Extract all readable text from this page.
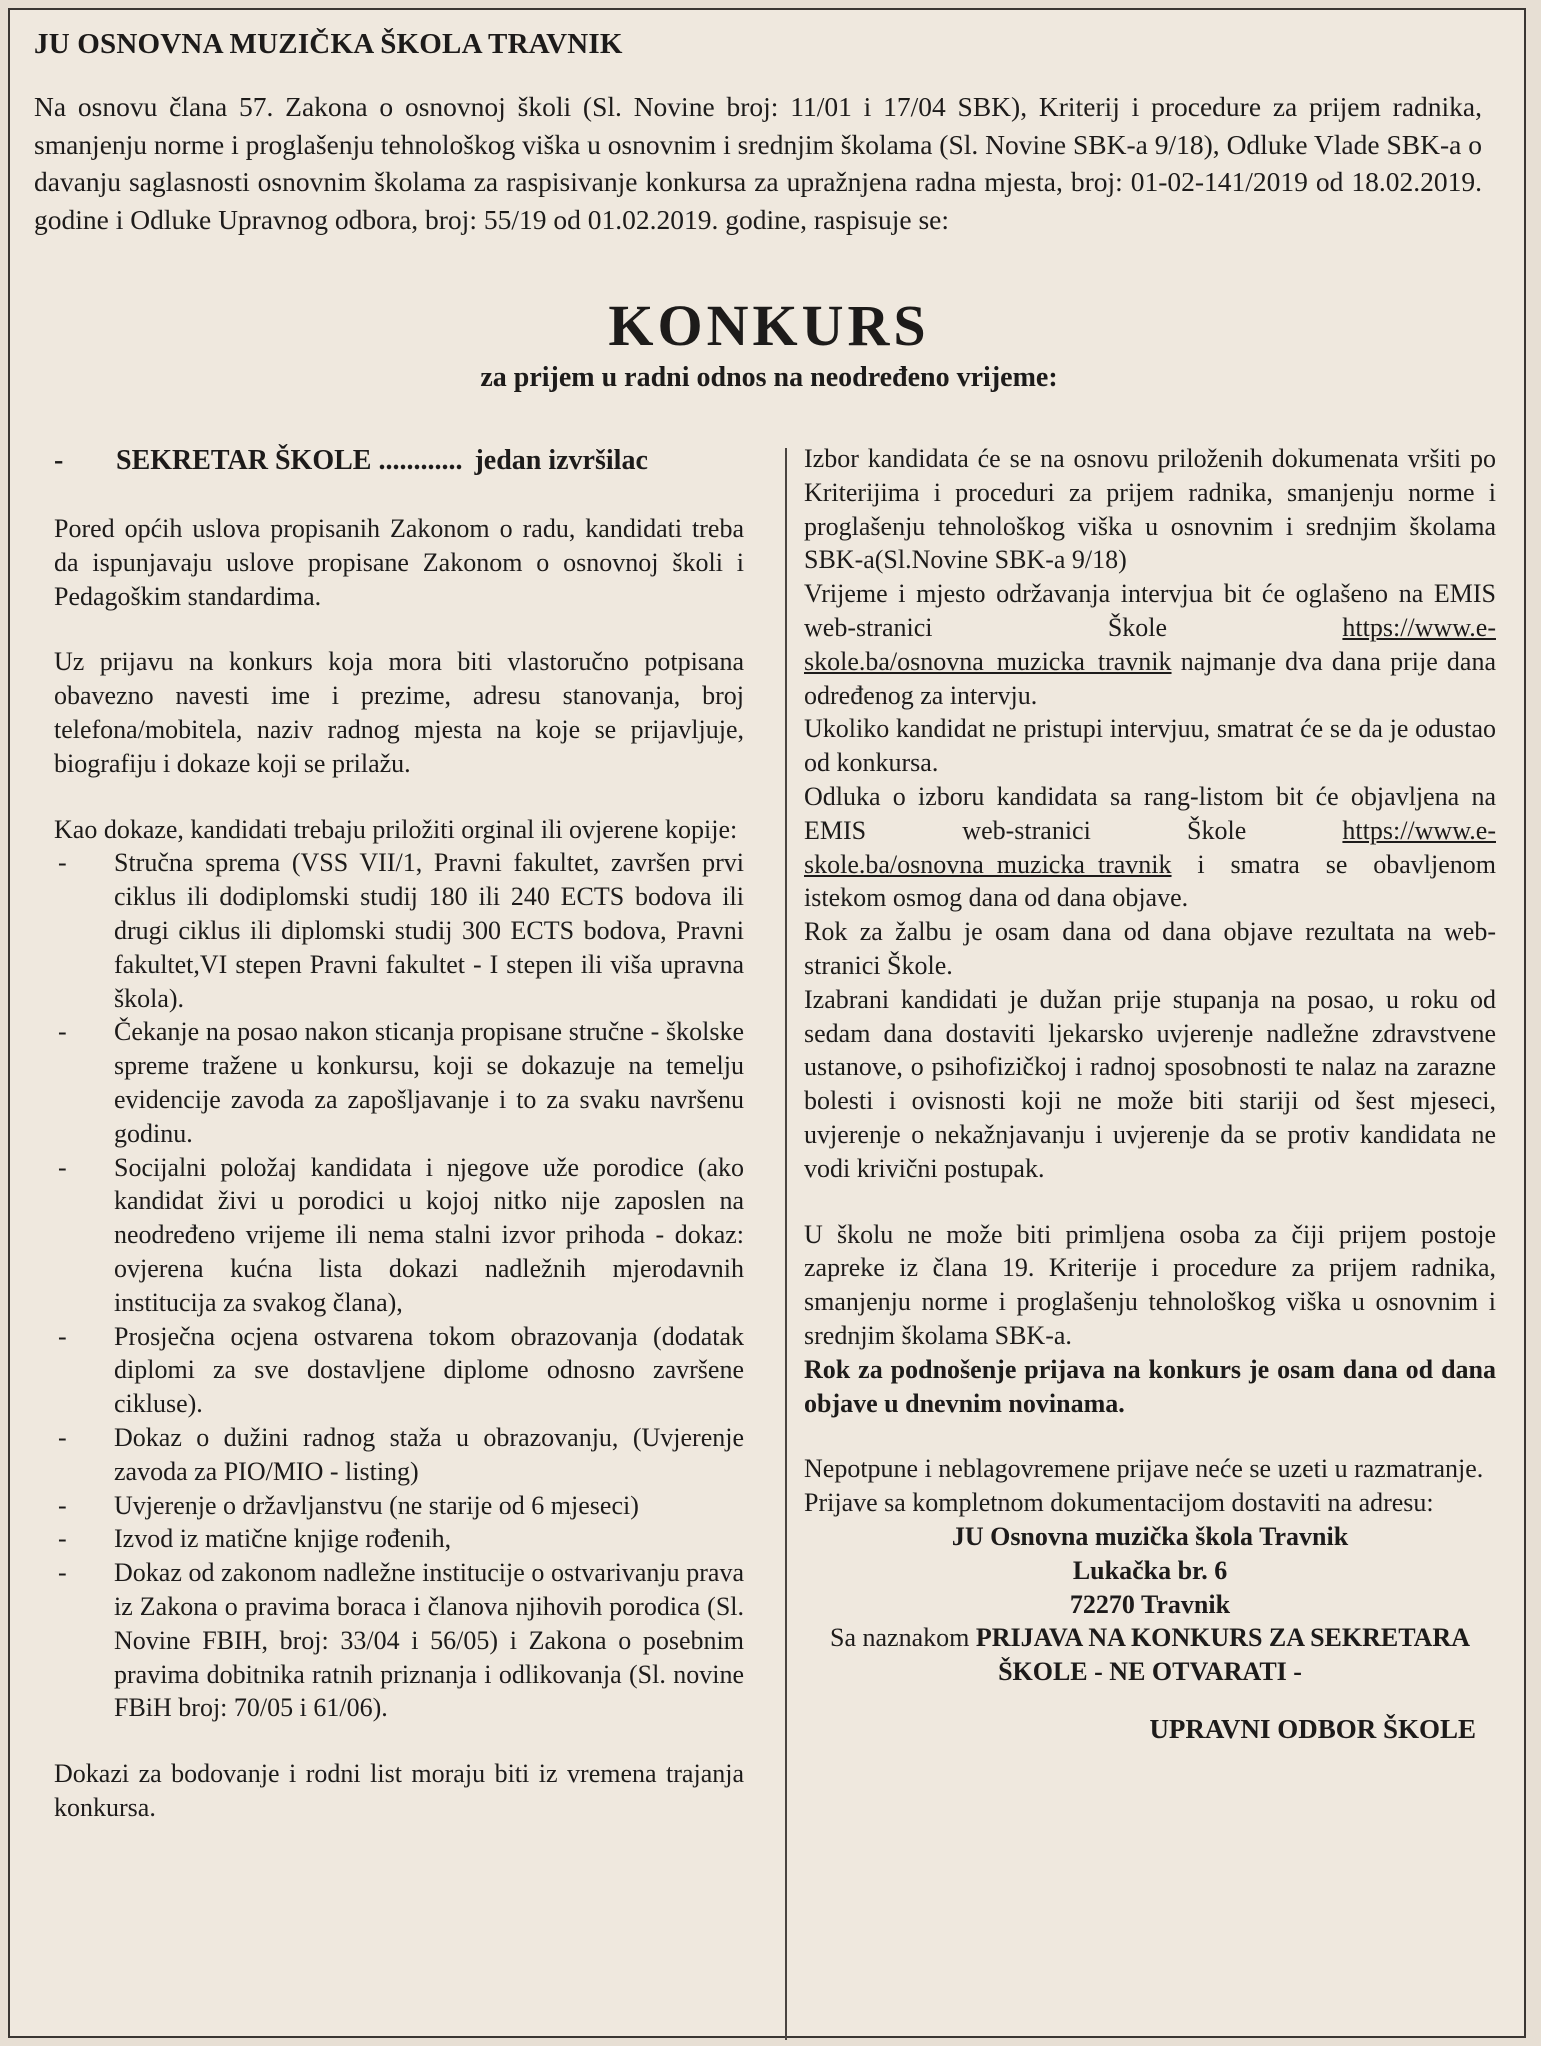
JU OSNOVNA MUZIČKA ŠKOLA TRAVNIK

Na osnovu člana 57. Zakona o osnovnoj školi (Sl. Novine broj: 11/01 i 17/04 SBK), Kriterij i procedure za prijem radnika, smanjenju norme i proglašenju tehnološkog viška u osnovnim i srednjim školama (Sl. Novine SBK-a 9/18), Odluke Vlade SBK-a o davanju saglasnosti osnovnim školama za raspisivanje konkursa za upražnjena radna mjesta, broj: 01-02-141/2019 od 18.02.2019. godine i Odluke Upravnog odbora, broj: 55/19 od 01.02.2019. godine, raspisuje se:

KONKURS
za prijem u radni odnos na neodređeno vrijeme:
-	SEKRETAR ŠKOLE ............ jedan izvršilac

Pored općih uslova propisanih Zakonom o radu, kandidati treba da ispunjavaju uslove propisane Zakonom o osnovnoj školi i Pedagoškim standardima.

Uz prijavu na konkurs koja mora biti vlastoručno potpisana obavezno navesti ime i prezime, adresu stanovanja, broj telefona/mobitela, naziv radnog mjesta na koje se prijavljuje, biografiju i dokaze koji se prilažu.

Kao dokaze, kandidati trebaju priložiti orginal ili ovjerene kopije:

- Stručna sprema (VSS VII/1, Pravni fakultet, završen prvi ciklus ili dodiplomski studij 180 ili 240 ECTS bodova ili drugi ciklus ili diplomski studij 300 ECTS bodova, Pravni fakultet,VI stepen Pravni fakultet - I stepen ili viša upravna škola).
- Čekanje na posao nakon sticanja propisane stručne - školske spreme tražene u konkursu, koji se dokazuje na temelju evidencije zavoda za zapošljavanje i to za svaku navršenu godinu.
- Socijalni položaj kandidata i njegove uže porodice (ako kandidat živi u porodici u kojoj nitko nije zaposlen na neodređeno vrijeme ili nema stalni izvor prihoda - dokaz: ovjerena kućna lista dokazi nadležnih mjerodavnih institucija za svakog člana),
- Prosječna ocjena ostvarena tokom obrazovanja (dodatak diplomi za sve dostavljene diplome odnosno završene cikluse).
- Dokaz o dužini radnog staža u obrazovanju, (Uvjerenje zavoda za PIO/MIO - listing)
- Uvjerenje o državljanstvu (ne starije od 6 mjeseci)
- Izvod iz matične knjige rođenih,
- Dokaz od zakonom nadležne institucije o ostvarivanju prava iz Zakona o pravima boraca i članova njihovih porodica (Sl. Novine FBIH, broj: 33/04 i 56/05) i Zakona o posebnim pravima dobitnika ratnih priznanja i odlikovanja (Sl. novine FBiH broj: 70/05 i 61/06).

Dokazi za bodovanje i rodni list moraju biti iz vremena trajanja konkursa.

Izbor kandidata će se na osnovu priloženih dokumenata vršiti po Kriterijima i proceduri za prijem radnika, smanjenju norme i proglašenju tehnološkog viška u osnovnim i srednjim školama SBK-a(Sl.Novine SBK-a 9/18)

Vrijeme i mjesto održavanja intervjua bit će oglašeno na EMIS web-stranici Škole https://www.e-skole.ba/osnovna_muzicka_travnik najmanje dva dana prije dana određenog za intervju.

Ukoliko kandidat ne pristupi intervjuu, smatrat će se da je odustao od konkursa.

Odluka o izboru kandidata sa rang-listom bit će objavljena na EMIS web-stranici Škole https://www.e-skole.ba/osnovna_muzicka_travnik i smatra se obavljenom istekom osmog dana od dana objave.

Rok za žalbu je osam dana od dana objave rezultata na web-stranici Škole.

Izabrani kandidati je dužan prije stupanja na posao, u roku od sedam dana dostaviti ljekarsko uvjerenje nadležne zdravstvene ustanove, o psihofizičkoj i radnoj sposobnosti te nalaz na zarazne bolesti i ovisnosti koji ne može biti stariji od šest mjeseci, uvjerenje o nekažnjavanju i uvjerenje da se protiv kandidata ne vodi krivični postupak.

U školu ne može biti primljena osoba za čiji prijem postoje zapreke iz člana 19. Kriterije i procedure za prijem radnika, smanjenju norme i proglašenju tehnološkog viška u osnovnim i srednjim školama SBK-a.

Rok za podnošenje prijava na konkurs je osam dana od dana objave u dnevnim novinama.

Nepotpune i neblagovremene prijave neće se uzeti u razmatranje.

Prijave sa kompletnom dokumentacijom dostaviti na adresu:

JU Osnovna muzička škola Travnik
Lukačka br. 6
72270 Travnik

Sa naznakom PRIJAVA NA KONKURS ZA SEKRETARA ŠKOLE - NE OTVARATI -

UPRAVNI ODBOR ŠKOLE
